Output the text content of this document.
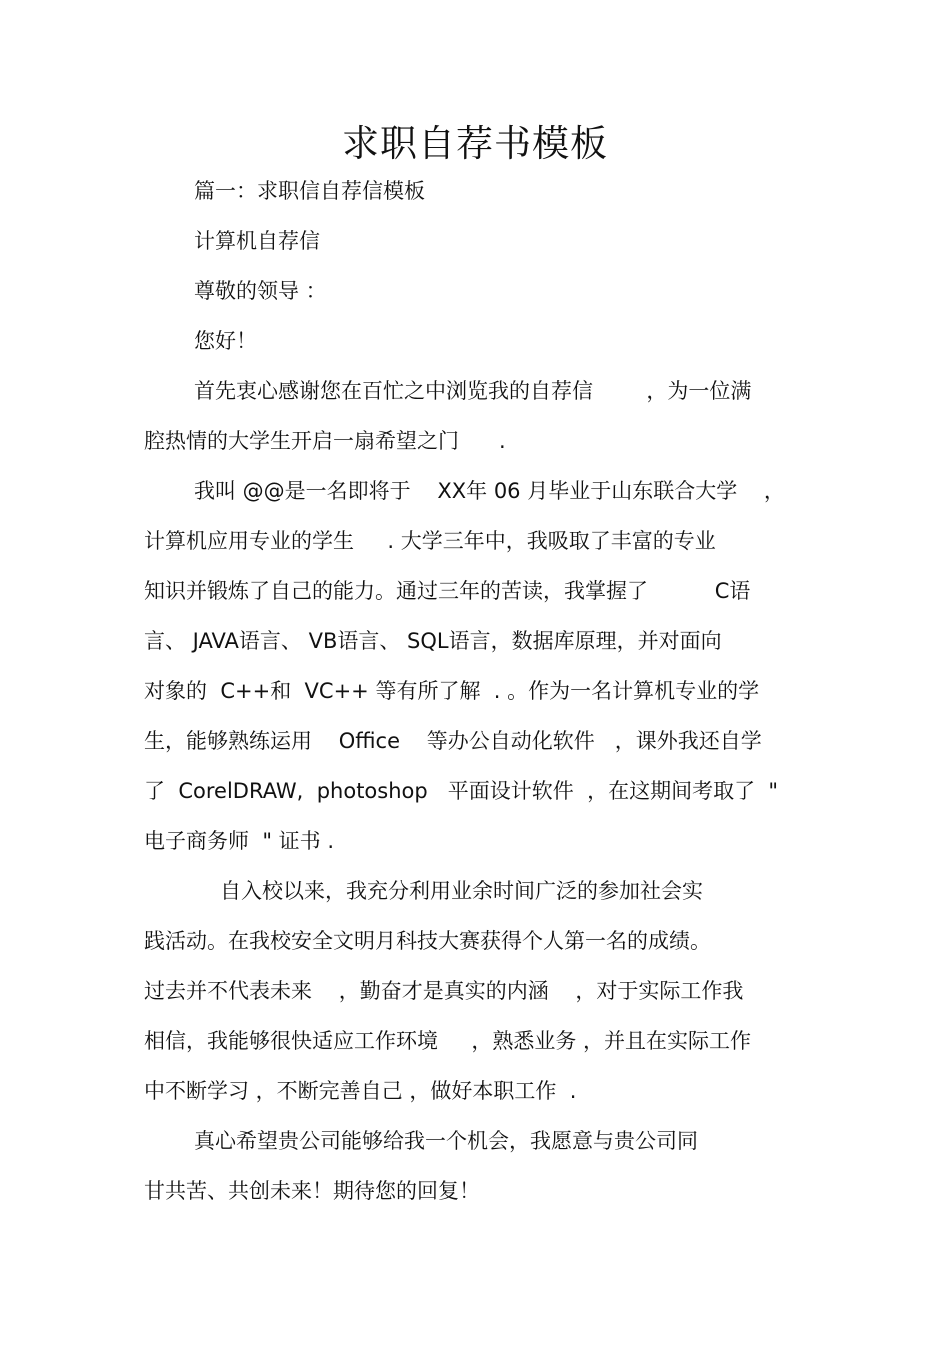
求职自荐书模板

篇一：求职信自荐信模板

计算机自荐信

尊敬的领导 ：

您好！

首先衷心感谢您在百忙之中浏览我的自荐信        ，为一位满

腔热情的大学生开启一扇希望之门      .

我叫 @@是一名即将于    XX年 06 月毕业于山东联合大学    ，

计算机应用专业的学生     . 大学三年中，我吸取了丰富的专业

知识并锻炼了自己的能力。通过三年的苦读，我掌握了          C语

言、 JAVA语言、 VB语言、 SQL语言，数据库原理，并对面向

对象的  C++和  VC++ 等有所了解  . 。作为一名计算机专业的学

生，能够熟练运用    Office    等办公自动化软件   ，课外我还自学

了  CorelDRAW,  photoshop   平面设计软件  ，在这期间考取了  "

电子商务师  " 证书 .

自入校以来，我充分利用业余时间广泛的参加社会实

践活动。在我校安全文明月科技大赛获得个人第一名的成绩。

过去并不代表未来    ，勤奋才是真实的内涵    ，对于实际工作我

相信，我能够很快适应工作环境     ，熟悉业务 ，并且在实际工作

中不断学习 ，不断完善自己 ，做好本职工作  .

真心希望贵公司能够给我一个机会，我愿意与贵公司同

甘共苦、共创未来！期待您的回复！
